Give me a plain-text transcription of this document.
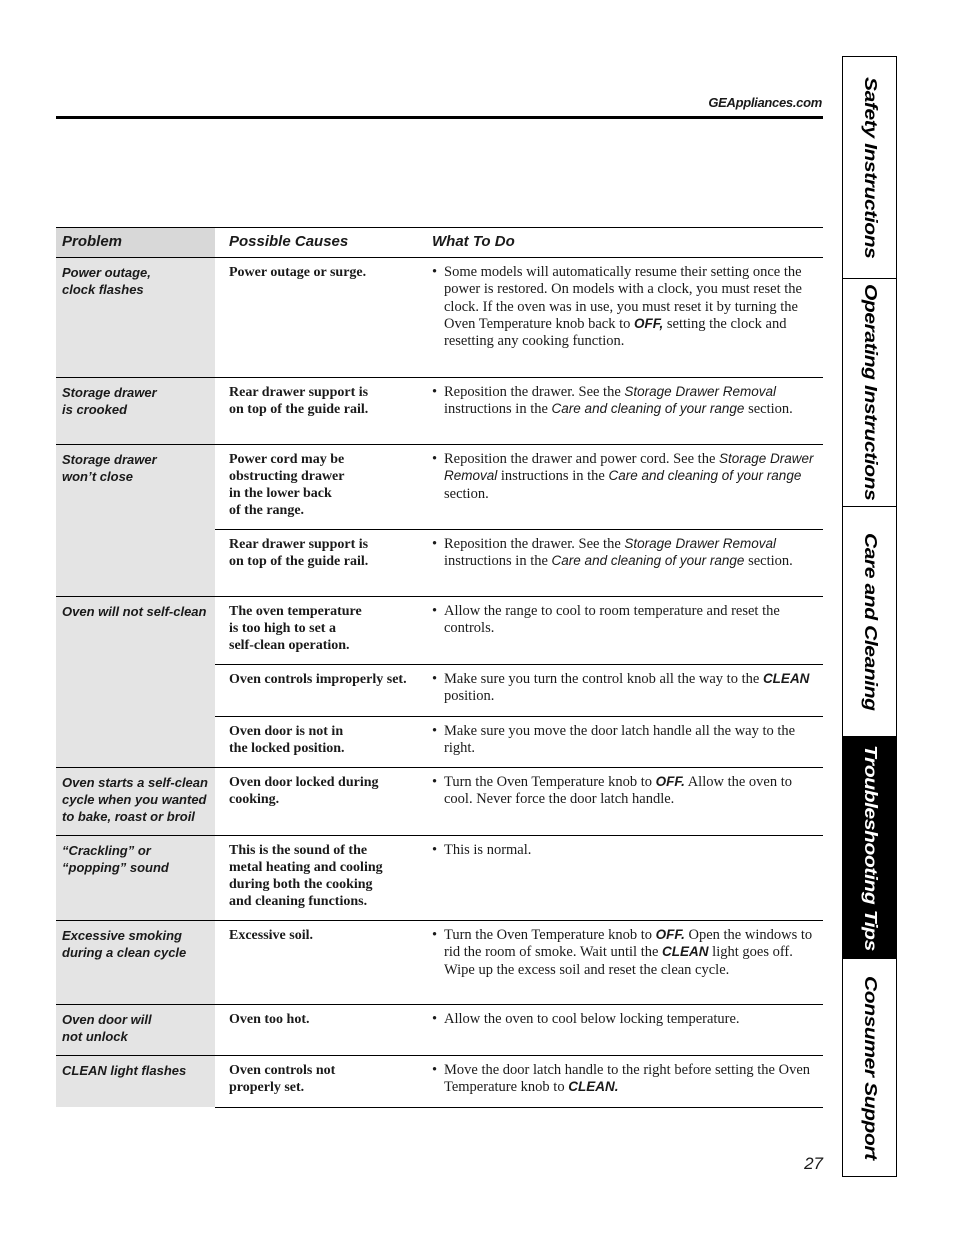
GEAppliances.com Safety Instructions
Operating Instructions
Care and Cleaning
Troubleshooting Tips
Consumer Support
Problem	Possible Causes	What To Do
Power outage,
clock flashes	Power outage or surge.	• Some models will automatically resume their setting once the power is restored. On models with a clock, you must reset the clock. If the oven was in use, you must reset it by turning the Oven Temperature knob back to OFF, setting the clock and resetting any cooking function.

Storage drawer
is crooked	Rear drawer support is
on top of the guide rail.	• Reposition the drawer. See the Storage Drawer Removal instructions in the Care and cleaning of your range section.

Storage drawer
won’t close	Power cord may be
obstructing drawer
in the lower back
of the range.	• Reposition the drawer and power cord. See the Storage Drawer Removal instructions in the Care and cleaning of your range section.

	Rear drawer support is
on top of the guide rail.	• Reposition the drawer. See the Storage Drawer Removal instructions in the Care and cleaning of your range section.

Oven will not self-clean	The oven temperature
is too high to set a
self-clean operation.	• Allow the range to cool to room temperature and reset the controls.

	Oven controls improperly set.	• Make sure you turn the control knob all the way to the CLEAN position.

	Oven door is not in
the locked position.	• Make sure you move the door latch handle all the way to the right.

Oven starts a self-clean
cycle when you wanted
to bake, roast or broil	Oven door locked during
cooking.	• Turn the Oven Temperature knob to OFF. Allow the oven to cool. Never force the door latch handle.

“Crackling” or
“popping” sound	This is the sound of the
metal heating and cooling
during both the cooking
and cleaning functions.	• This is normal.

Excessive smoking
during a clean cycle	Excessive soil.	• Turn the Oven Temperature knob to OFF. Open the windows to rid the room of smoke. Wait until the CLEAN light goes off. Wipe up the excess soil and reset the clean cycle.

Oven door will
not unlock	Oven too hot.	• Allow the oven to cool below locking temperature.

CLEAN light flashes	Oven controls not
properly set.	• Move the door latch handle to the right before setting the Oven Temperature knob to CLEAN.
27
